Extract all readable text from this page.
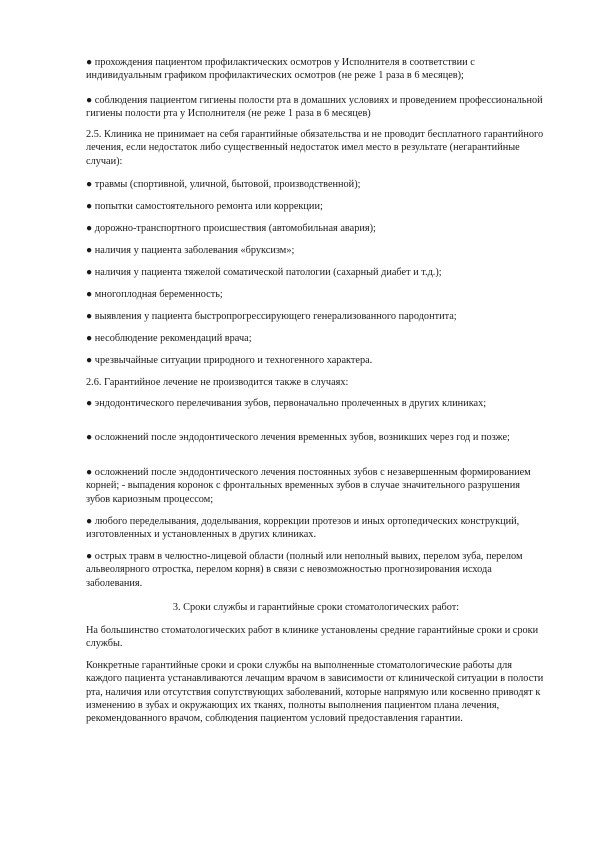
● прохождения пациентом профилактических осмотров у Исполнителя в соответствии с индивидуальным графиком профилактических осмотров (не реже 1 раза в 6 месяцев);

● соблюдения пациентом гигиены полости рта в домашних условиях и проведением профессиональной гигиены полости рта у Исполнителя (не реже 1 раза в 6 месяцев)

2.5. Клиника не принимает на себя гарантийные обязательства и не проводит бесплатного гарантийного лечения, если недостаток либо существенный недостаток имел место в результате (негарантийные случаи):

● травмы (спортивной, уличной, бытовой, производственной);

● попытки самостоятельного ремонта или коррекции;

● дорожно-транспортного происшествия (автомобильная авария);

● наличия у пациента заболевания «бруксизм»;

● наличия у пациента тяжелой соматической патологии (сахарный диабет и т.д.);

● многоплодная беременность;

● выявления у пациента быстропрогрессирующего генерализованного пародонтита;

● несоблюдение рекомендаций врача;

● чрезвычайные ситуации природного и техногенного характера.

2.6. Гарантийное лечение не производится также в случаях:

● эндодонтического перелечивания зубов, первоначально пролеченных в других клиниках;

● осложнений после эндодонтического лечения временных зубов, возникших через год и позже;

● осложнений после эндодонтического лечения постоянных зубов с незавершенным формированием корней; - выпадения коронок с фронтальных временных зубов в случае значительного разрушения зубов кариозным процессом;

● любого переделывания, доделывания, коррекции протезов и иных ортопедических конструкций, изготовленных и установленных в других клиниках.

● острых травм в челюстно-лицевой области (полный или неполный вывих, перелом зуба, перелом альвеолярного отростка, перелом корня) в связи с невозможностью прогнозирования исхода заболевания.

3. Сроки службы и гарантийные сроки стоматологических работ:

На большинство стоматологических работ в клинике установлены средние гарантийные сроки и сроки службы.

Конкретные гарантийные сроки и сроки службы на выполненные стоматологические работы для каждого пациента устанавливаются лечащим врачом в зависимости от клинической ситуации в полости рта, наличия или отсутствия сопутствующих заболеваний, которые напрямую или косвенно приводят к изменению в зубах и окружающих их тканях, полноты выполнения пациентом плана лечения, рекомендованного врачом, соблюдения пациентом условий предоставления гарантии.
